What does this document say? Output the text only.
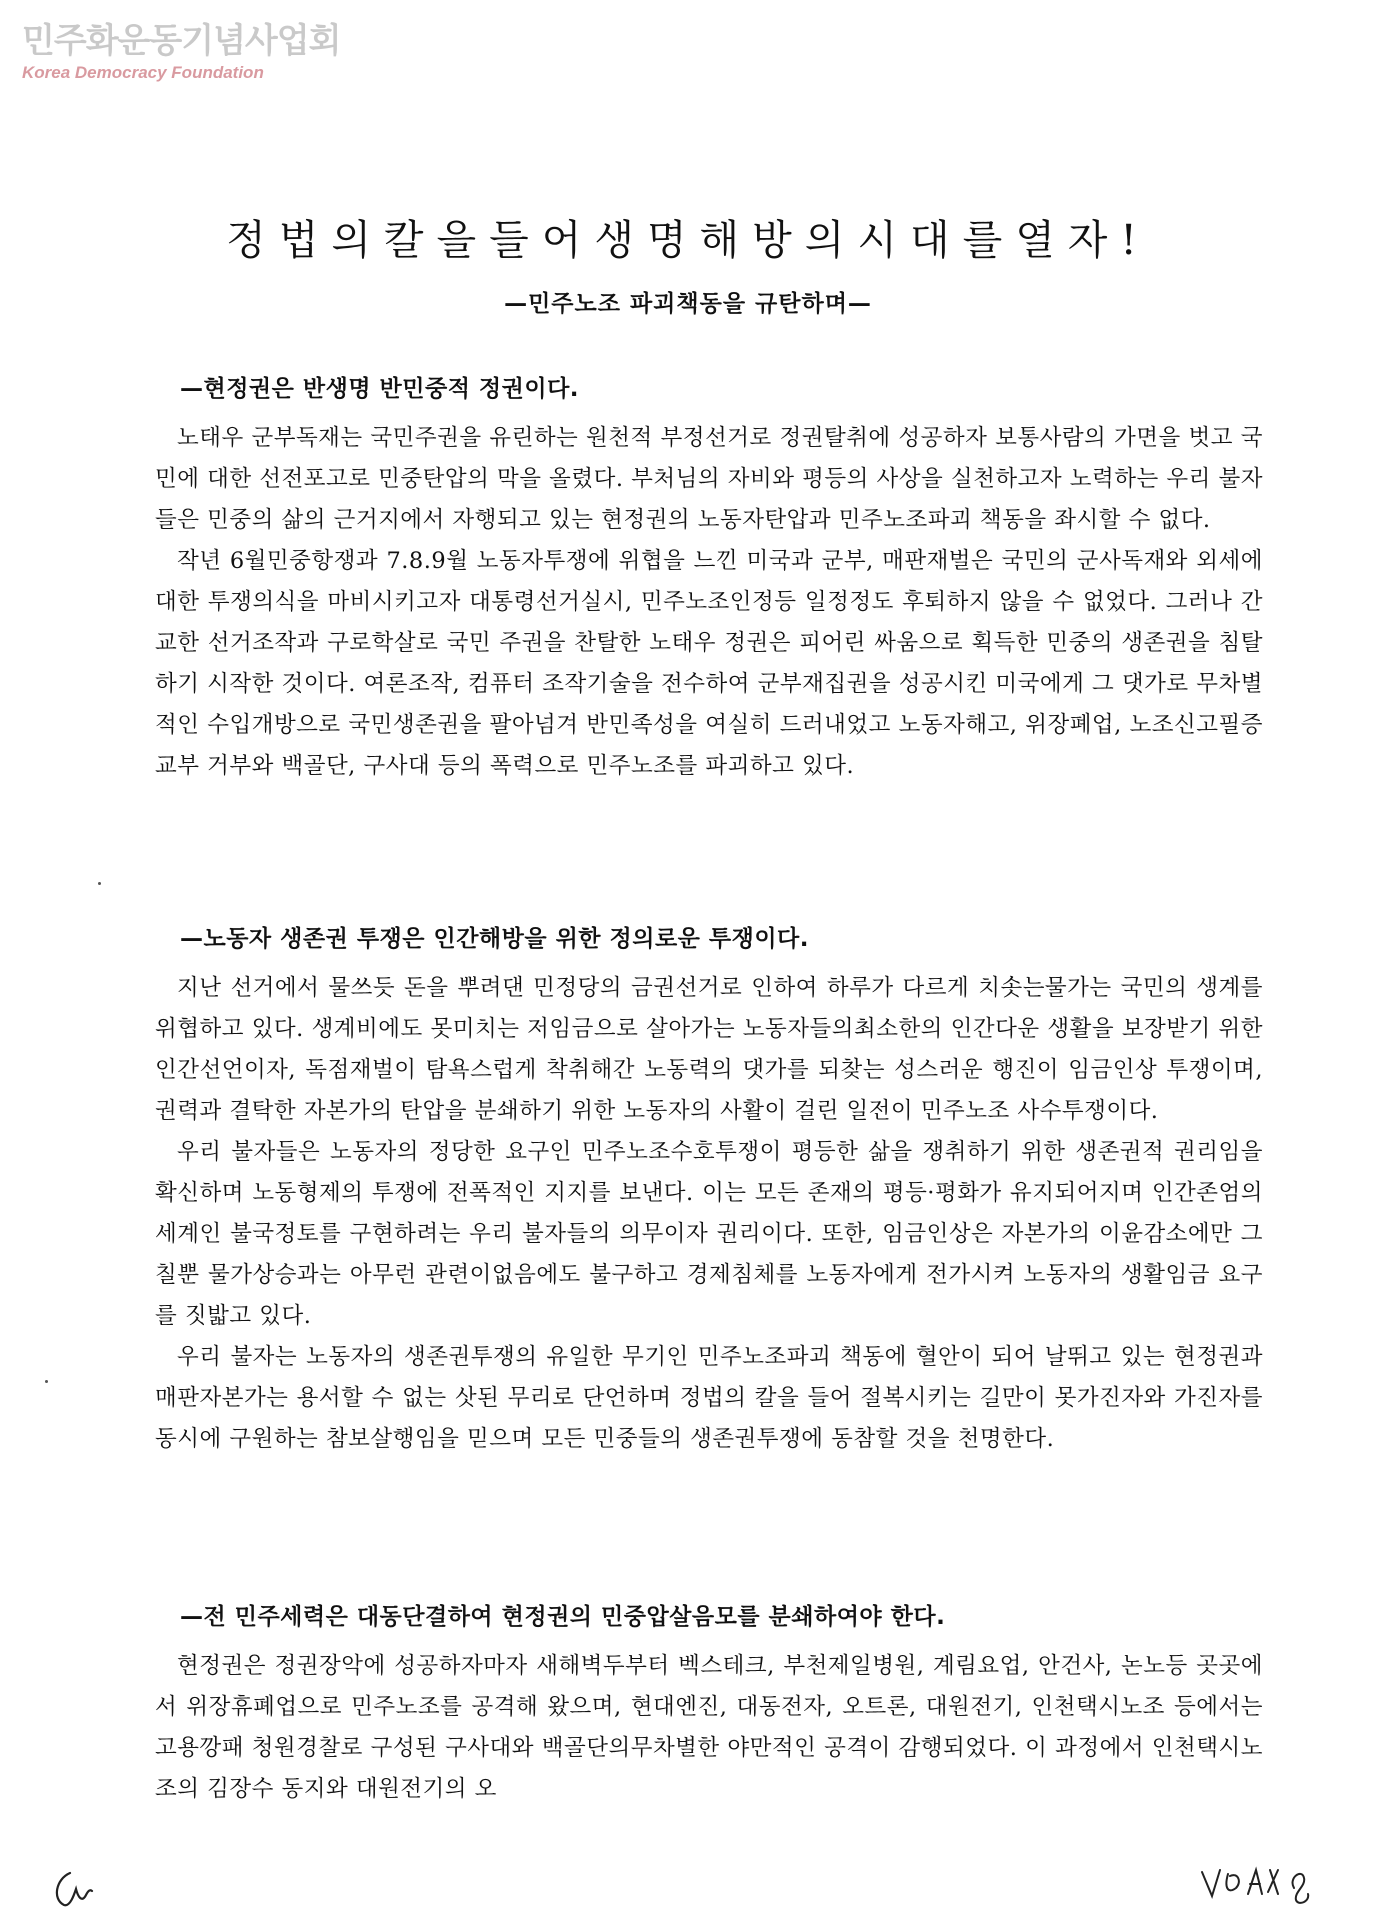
민주화운동기념사업회
Korea Democracy Foundation
정법의칼을들어생명해방의시대를열자!
—민주노조 파괴책동을 규탄하며—
—현정권은 반생명 반민중적 정권이다.

노태우 군부독재는 국민주권을 유린하는 원천적 부정선거로 정권탈취에 성공하자 보통사람의 가면을 벗고 국민에 대한 선전포고로 민중탄압의 막을 올렸다. 부처님의 자비와 평등의 사상을 실천하고자 노력하는 우리 불자들은 민중의 삶의 근거지에서 자행되고 있는 현정권의 노동자탄압과 민주노조파괴 책동을 좌시할 수 없다.

작년 6월민중항쟁과 7.8.9월 노동자투쟁에 위협을 느낀 미국과 군부, 매판재벌은 국민의 군사독재와 외세에 대한 투쟁의식을 마비시키고자 대통령선거실시, 민주노조인정등 일정정도 후퇴하지 않을 수 없었다. 그러나 간교한 선거조작과 구로학살로 국민 주권을 찬탈한 노태우 정권은 피어린 싸움으로 획득한 민중의 생존권을 침탈하기 시작한 것이다. 여론조작, 컴퓨터 조작기술을 전수하여 군부재집권을 성공시킨 미국에게 그 댓가로 무차별적인 수입개방으로 국민생존권을 팔아넘겨 반민족성을 여실히 드러내었고 노동자해고, 위장폐업, 노조신고필증교부 거부와 백골단, 구사대 등의 폭력으로 민주노조를 파괴하고 있다.

—노동자 생존권 투쟁은 인간해방을 위한 정의로운 투쟁이다.

지난 선거에서 물쓰듯 돈을 뿌려댄 민정당의 금권선거로 인하여 하루가 다르게 치솟는물가는 국민의 생계를 위협하고 있다. 생계비에도 못미치는 저임금으로 살아가는 노동자들의최소한의 인간다운 생활을 보장받기 위한 인간선언이자, 독점재벌이 탐욕스럽게 착취해간 노동력의 댓가를 되찾는 성스러운 행진이 임금인상 투쟁이며, 권력과 결탁한 자본가의 탄압을 분쇄하기 위한 노동자의 사활이 걸린 일전이 민주노조 사수투쟁이다.

우리 불자들은 노동자의 정당한 요구인 민주노조수호투쟁이 평등한 삶을 쟁취하기 위한 생존권적 권리임을 확신하며 노동형제의 투쟁에 전폭적인 지지를 보낸다. 이는 모든 존재의 평등·평화가 유지되어지며 인간존엄의 세계인 불국정토를 구현하려는 우리 불자들의 의무이자 권리이다. 또한, 임금인상은 자본가의 이윤감소에만 그칠뿐 물가상승과는 아무런 관련이없음에도 불구하고 경제침체를 노동자에게 전가시켜 노동자의 생활임금 요구를 짓밟고 있다.

우리 불자는 노동자의 생존권투쟁의 유일한 무기인 민주노조파괴 책동에 혈안이 되어 날뛰고 있는 현정권과 매판자본가는 용서할 수 없는 삿된 무리로 단언하며 정법의 칼을 들어 절복시키는 길만이 못가진자와 가진자를 동시에 구원하는 참보살행임을 믿으며 모든 민중들의 생존권투쟁에 동참할 것을 천명한다.

—전 민주세력은 대동단결하여 현정권의 민중압살음모를 분쇄하여야 한다.

현정권은 정권장악에 성공하자마자 새해벽두부터 벡스테크, 부천제일병원, 계림요업, 안건사, 논노등 곳곳에서 위장휴폐업으로 민주노조를 공격해 왔으며, 현대엔진, 대동전자, 오트론, 대원전기, 인천택시노조 등에서는 고용깡패 청원경찰로 구성된 구사대와 백골단의무차별한 야만적인 공격이 감행되었다. 이 과정에서 인천택시노조의 김장수 동지와 대원전기의 오
